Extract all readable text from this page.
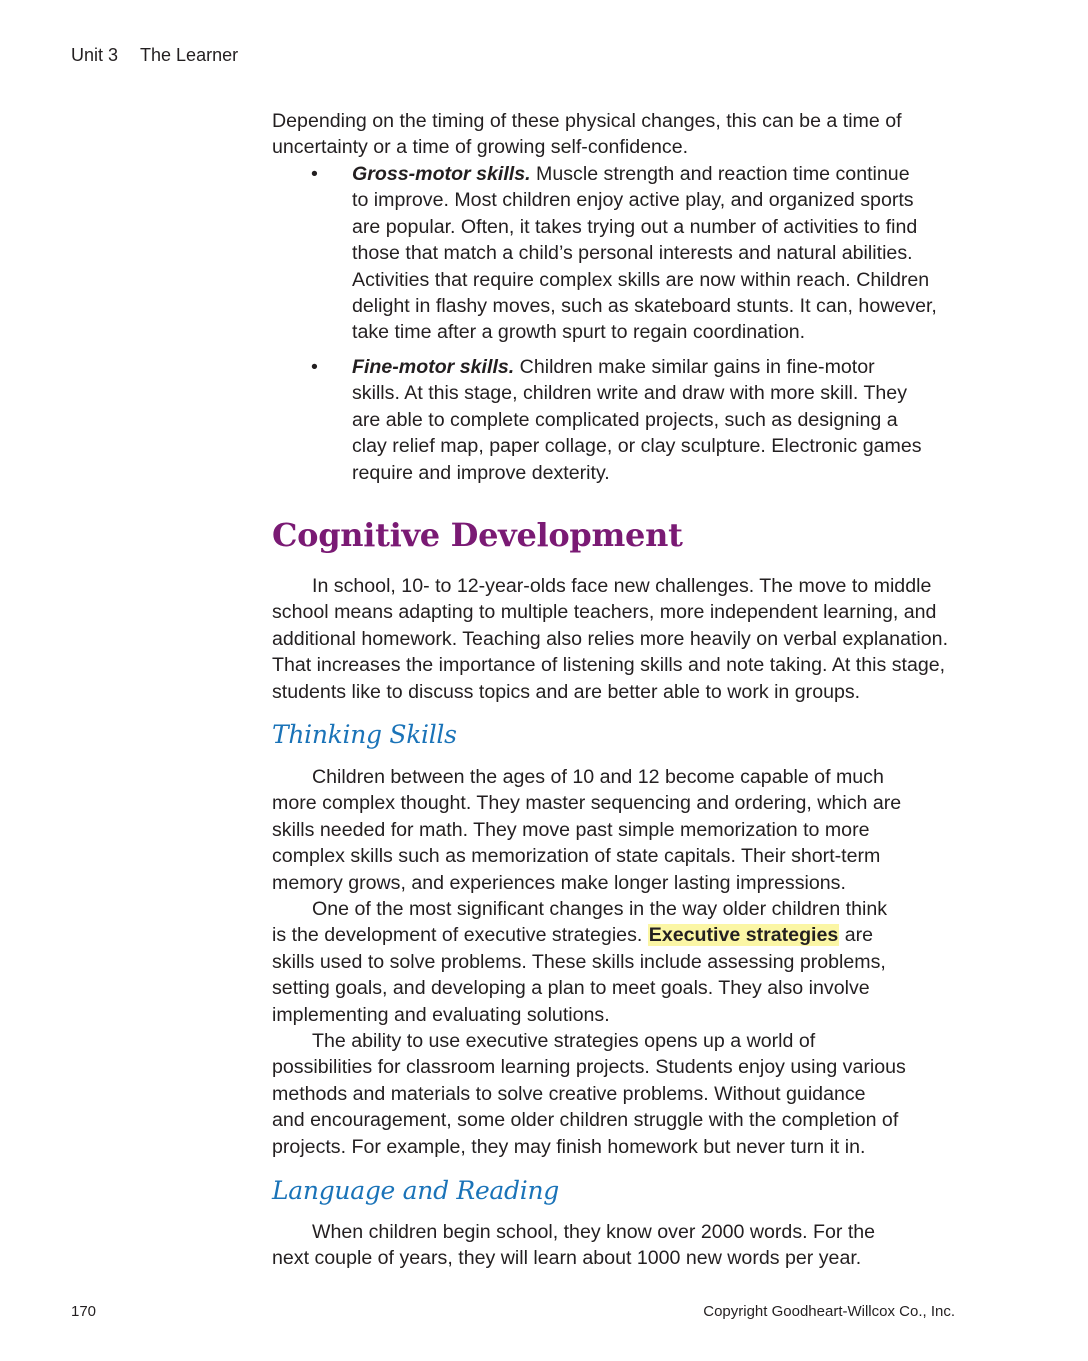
Unit 3 The Learner
Depending on the timing of these physical changes, this can be a time of
uncertainty or a time of growing self-confidence.
• Gross-motor skills. Muscle strength and reaction time continue
to improve. Most children enjoy active play, and organized sports
are popular. Often, it takes trying out a number of activities to find
those that match a child’s personal interests and natural abilities.
Activities that require complex skills are now within reach. Children
delight in flashy moves, such as skateboard stunts. It can, however,
take time after a growth spurt to regain coordination.
• Fine-motor skills. Children make similar gains in fine-motor
skills. At this stage, children write and draw with more skill. They
are able to complete complicated projects, such as designing a
clay relief map, paper collage, or clay sculpture. Electronic games
require and improve dexterity.
Cognitive Development
In school, 10- to 12-year-olds face new challenges. The move to middle
school means adapting to multiple teachers, more independent learning, and
additional homework. Teaching also relies more heavily on verbal explanation.
That increases the importance of listening skills and note taking. At this stage,
students like to discuss topics and are better able to work in groups.
Thinking Skills
Children between the ages of 10 and 12 become capable of much
more complex thought. They master sequencing and ordering, which are
skills needed for math. They move past simple memorization to more
complex skills such as memorization of state capitals. Their short-term
memory grows, and experiences make longer lasting impressions.
One of the most significant changes in the way older children think
is the development of executive strategies. Executive strategies are
skills used to solve problems. These skills include assessing problems,
setting goals, and developing a plan to meet goals. They also involve
implementing and evaluating solutions.
The ability to use executive strategies opens up a world of
possibilities for classroom learning projects. Students enjoy using various
methods and materials to solve creative problems. Without guidance
and encouragement, some older children struggle with the completion of
projects. For example, they may finish homework but never turn it in.
Language and Reading
When children begin school, they know over 2000 words. For the
next couple of years, they will learn about 1000 new words per year.
170	Copyright Goodheart-Willcox Co., Inc.
